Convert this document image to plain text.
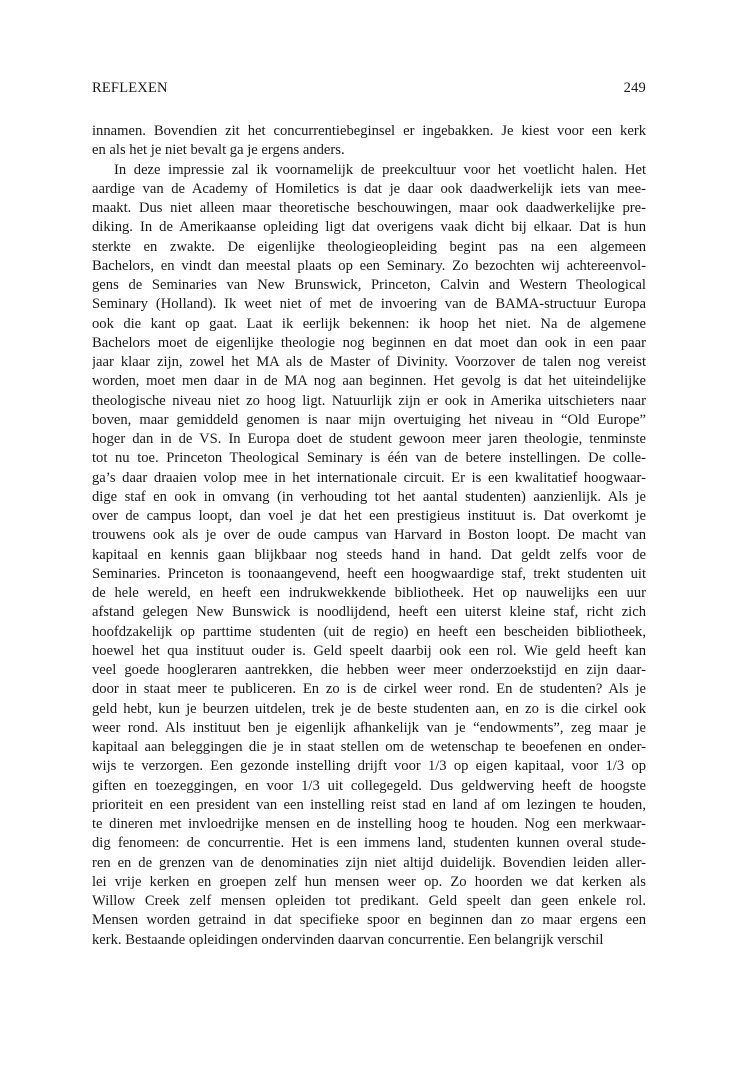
REFLEXEN	249
innamen. Bovendien zit het concurrentiebeginsel er ingebakken. Je kiest voor een kerk
en als het je niet bevalt ga je ergens anders.
In deze impressie zal ik voornamelijk de preekcultuur voor het voetlicht halen. Het
aardige van de Academy of Homiletics is dat je daar ook daadwerkelijk iets van mee-
maakt. Dus niet alleen maar theoretische beschouwingen, maar ook daadwerkelijke pre-
diking. In de Amerikaanse opleiding ligt dat overigens vaak dicht bij elkaar. Dat is hun
sterkte en zwakte. De eigenlijke theologieopleiding begint pas na een algemeen
Bachelors, en vindt dan meestal plaats op een Seminary. Zo bezochten wij achtereenvol-
gens de Seminaries van New Brunswick, Princeton, Calvin and Western Theological
Seminary (Holland). Ik weet niet of met de invoering van de BAMA-structuur Europa
ook die kant op gaat. Laat ik eerlijk bekennen: ik hoop het niet. Na de algemene
Bachelors moet de eigenlijke theologie nog beginnen en dat moet dan ook in een paar
jaar klaar zijn, zowel het MA als de Master of Divinity. Voorzover de talen nog vereist
worden, moet men daar in de MA nog aan beginnen. Het gevolg is dat het uiteindelijke
theologische niveau niet zo hoog ligt. Natuurlijk zijn er ook in Amerika uitschieters naar
boven, maar gemiddeld genomen is naar mijn overtuiging het niveau in “Old Europe”
hoger dan in de VS. In Europa doet de student gewoon meer jaren theologie, tenminste
tot nu toe. Princeton Theological Seminary is één van de betere instellingen. De colle-
ga’s daar draaien volop mee in het internationale circuit. Er is een kwalitatief hoogwaar-
dige staf en ook in omvang (in verhouding tot het aantal studenten) aanzienlijk. Als je
over de campus loopt, dan voel je dat het een prestigieus instituut is. Dat overkomt je
trouwens ook als je over de oude campus van Harvard in Boston loopt. De macht van
kapitaal en kennis gaan blijkbaar nog steeds hand in hand. Dat geldt zelfs voor de
Seminaries. Princeton is toonaangevend, heeft een hoogwaardige staf, trekt studenten uit
de hele wereld, en heeft een indrukwekkende bibliotheek. Het op nauwelijks een uur
afstand gelegen New Bunswick is noodlijdend, heeft een uiterst kleine staf, richt zich
hoofdzakelijk op parttime studenten (uit de regio) en heeft een bescheiden bibliotheek,
hoewel het qua instituut ouder is. Geld speelt daarbij ook een rol. Wie geld heeft kan
veel goede hoogleraren aantrekken, die hebben weer meer onderzoekstijd en zijn daar-
door in staat meer te publiceren. En zo is de cirkel weer rond. En de studenten? Als je
geld hebt, kun je beurzen uitdelen, trek je de beste studenten aan, en zo is die cirkel ook
weer rond. Als instituut ben je eigenlijk afhankelijk van je “endowments”, zeg maar je
kapitaal aan beleggingen die je in staat stellen om de wetenschap te beoefenen en onder-
wijs te verzorgen. Een gezonde instelling drijft voor 1/3 op eigen kapitaal, voor 1/3 op
giften en toezeggingen, en voor 1/3 uit collegegeld. Dus geldwerving heeft de hoogste
prioriteit en een president van een instelling reist stad en land af om lezingen te houden,
te dineren met invloedrijke mensen en de instelling hoog te houden. Nog een merkwaar-
dig fenomeen: de concurrentie. Het is een immens land, studenten kunnen overal stude-
ren en de grenzen van de denominaties zijn niet altijd duidelijk. Bovendien leiden aller-
lei vrije kerken en groepen zelf hun mensen weer op. Zo hoorden we dat kerken als
Willow Creek zelf mensen opleiden tot predikant. Geld speelt dan geen enkele rol.
Mensen worden getraind in dat specifieke spoor en beginnen dan zo maar ergens een
kerk. Bestaande opleidingen ondervinden daarvan concurrentie. Een belangrijk verschil
